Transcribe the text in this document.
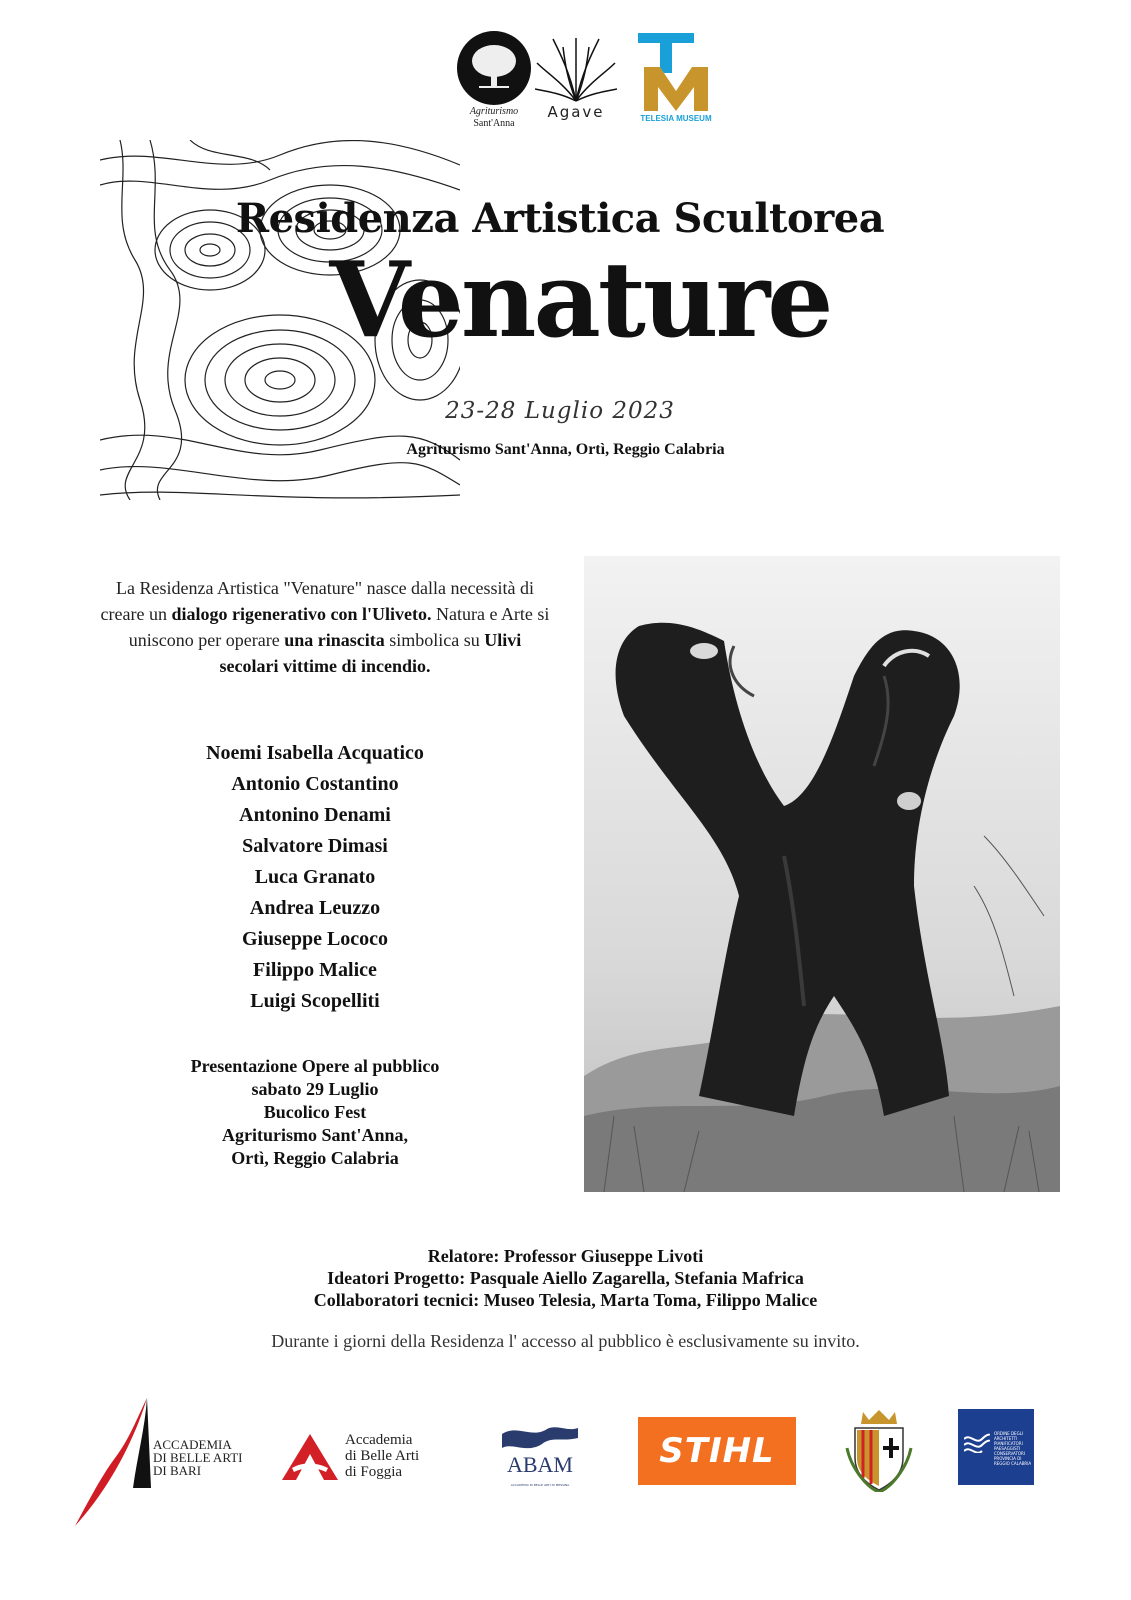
Agriturismo
Sant'Anna
Agave	TELESIA MUSEUM
Residenza Artistica Scultorea
Venature
23-28 Luglio 2023
Agriturismo Sant'Anna, Ortì, Reggio Calabria
La Residenza Artistica "Venature" nasce dalla necessità di creare un dialogo rigenerativo con l'Uliveto. Natura e Arte si uniscono per operare una rinascita simbolica su Ulivi secolari vittime di incendio.
Noemi Isabella Acquatico
Antonio Costantino
Antonino Denami
Salvatore Dimasi
Luca Granato
Andrea Leuzzo
Giuseppe Lococo
Filippo Malice
Luigi Scopelliti
Presentazione Opere al pubblico
sabato 29 Luglio
Bucolico Fest
Agriturismo Sant'Anna,
Ortì, Reggio Calabria
Relatore: Professor Giuseppe Livoti
Ideatori Progetto: Pasquale Aiello Zagarella, Stefania Mafrica
Collaboratori tecnici: Museo Telesia, Marta Toma, Filippo Malice
Durante i giorni della Residenza l' accesso al pubblico è esclusivamente su invito.
ACCADEMIA
DI BELLE ARTI
DI BARI
Accademia
di Belle Arti
di Foggia	ABAM
ACCADEMIA DI BELLE ARTI DI MESSINA
STIHL	ORDINE DEGLI
ARCHITETTI
PIANIFICATORI
PAESAGGISTI
CONSERVATORI
PROVINCIA DI
REGGIO CALABRIA
